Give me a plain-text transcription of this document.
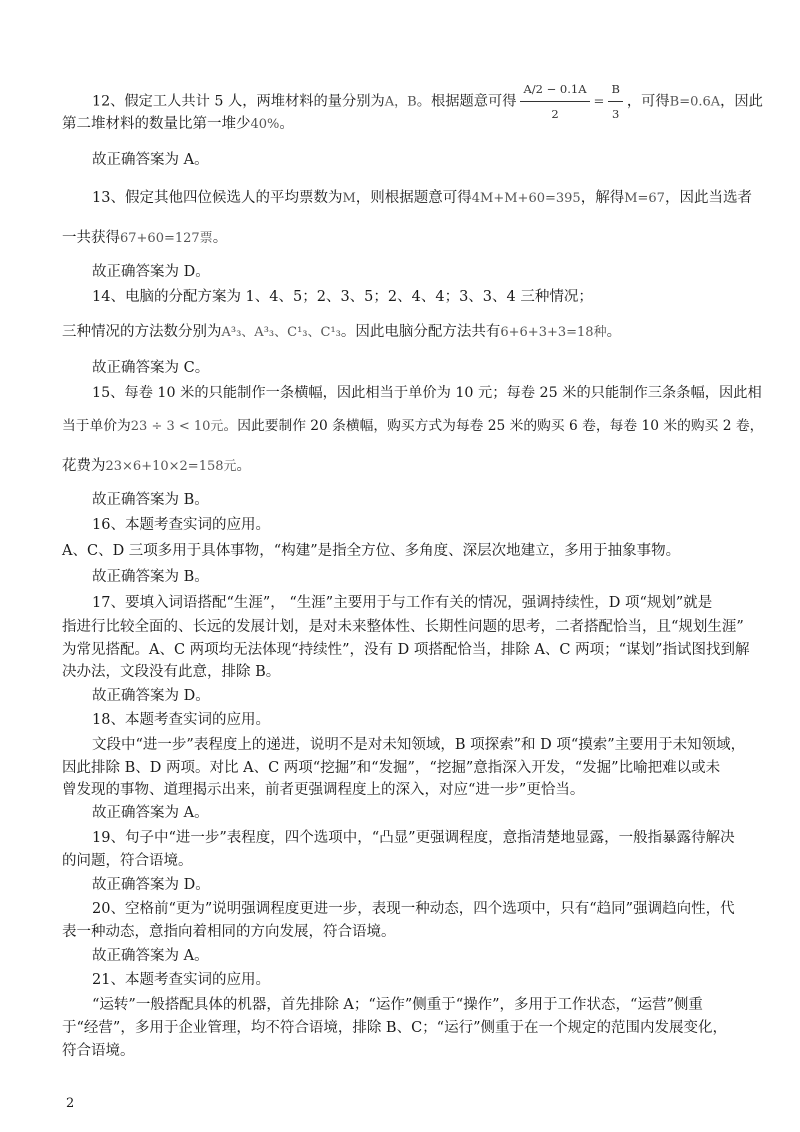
12、假定工人共计 5 人，两堆材料的量分别为A，B。根据题意可得 $\frac{A/2 - 0.1A}{2} = \frac{B}{3}$ ，可得B=0.6A，因此
第二堆材料的数量比第一堆少40%。
故正确答案为 A。
13、假定其他四位候选人的平均票数为M，则根据题意可得4M+M+60=395，解得M=67，因此当选者
一共获得67+60=127票。
故正确答案为 D。
14、电脑的分配方案为 1、4、5；2、3、5；2、4、4；3、3、4 三种情况；
三种情况的方法数分别为A³₃、A³₃、C¹₃、C¹₃。因此电脑分配方法共有6+6+3+3=18种。
故正确答案为 C。
15、每卷 10 米的只能制作一条横幅，因此相当于单价为 10 元；每卷 25 米的只能制作三条条幅，因此相
当于单价为23 ÷ 3 < 10元。因此要制作 20 条横幅，购买方式为每卷 25 米的购买 6 卷，每卷 10 米的购买 2 卷，
花费为23×6+10×2=158元。
故正确答案为 B。
16、本题考查实词的应用。
A、C、D 三项多用于具体事物，“构建”是指全方位、多角度、深层次地建立，多用于抽象事物。
故正确答案为 B。
17、要填入词语搭配“生涯”， “生涯”主要用于与工作有关的情况，强调持续性，D 项“规划”就是
指进行比较全面的、长远的发展计划，是对未来整体性、长期性问题的思考，二者搭配恰当，且“规划生涯”
为常见搭配。A、C 两项均无法体现“持续性”，没有 D 项搭配恰当，排除 A、C 两项；“谋划”指试图找到解
决办法，文段没有此意，排除 B。
故正确答案为 D。
18、本题考查实词的应用。
文段中“进一步”表程度上的递进，说明不是对未知领域，B 项探索”和 D 项“摸索”主要用于未知领域，
因此排除 B、D 两项。对比 A、C 两项“挖掘”和“发掘”，“挖掘”意指深入开发，“发掘”比喻把难以或未
曾发现的事物、道理揭示出来，前者更强调程度上的深入，对应“进一步”更恰当。
故正确答案为 A。
19、句子中“进一步”表程度，四个选项中，“凸显”更强调程度，意指清楚地显露，一般指暴露待解决
的问题，符合语境。
故正确答案为 D。
20、空格前“更为”说明强调程度更进一步，表现一种动态，四个选项中，只有“趋同”强调趋向性，代
表一种动态，意指向着相同的方向发展，符合语境。
故正确答案为 A。
21、本题考查实词的应用。
“运转”一般搭配具体的机器，首先排除 A；“运作”侧重于“操作”，多用于工作状态，“运营”侧重
于“经营”，多用于企业管理，均不符合语境，排除 B、C；“运行”侧重于在一个规定的范围内发展变化，
符合语境。
2
